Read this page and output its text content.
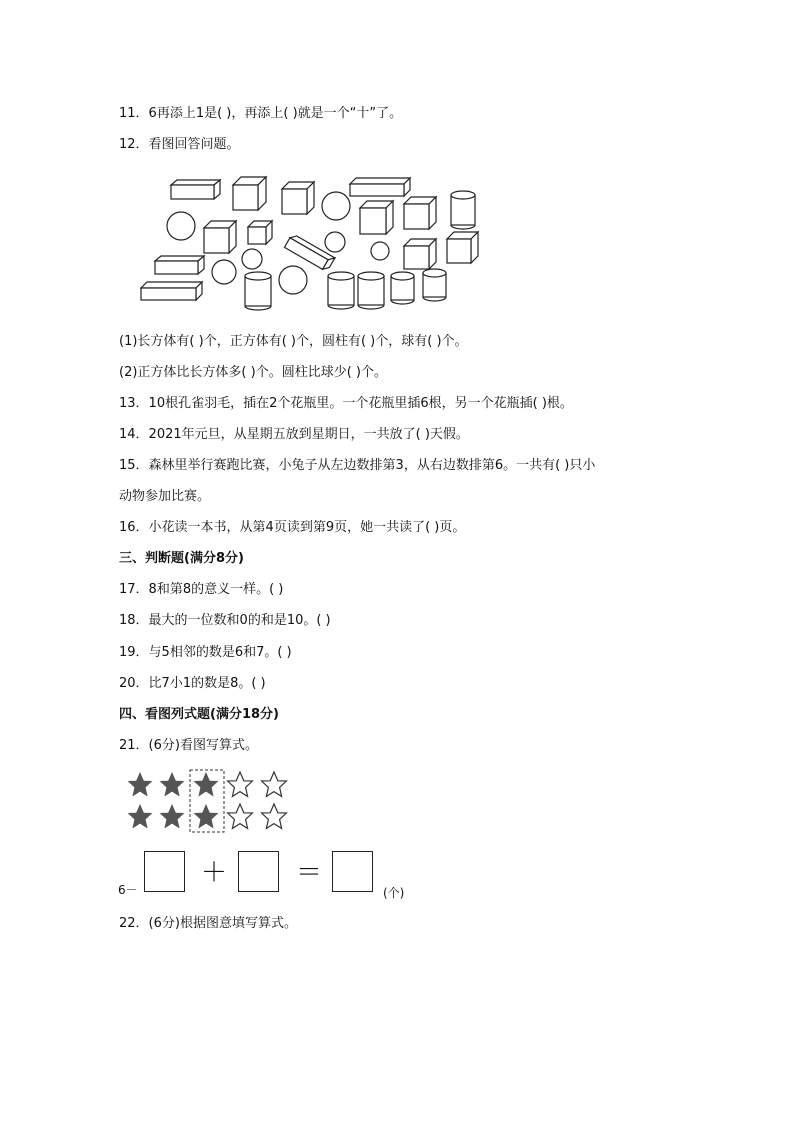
11．6再添上1是( )，再添上( )就是一个“十”了。
12．看图回答问题。
(1)长方体有( )个，正方体有( )个，圆柱有( )个，球有( )个。
(2)正方体比长方体多( )个。圆柱比球少( )个。
13．10根孔雀羽毛，插在2个花瓶里。一个花瓶里插6根，另一个花瓶插( )根。
14．2021年元旦，从星期五放到星期日，一共放了( )天假。
15．森林里举行赛跑比赛，小兔子从左边数排第3，从右边数排第6。一共有( )只小
动物参加比赛。
16．小花读一本书，从第4页读到第9页，她一共读了( )页。
三、判断题(满分8分)
17．8和第8的意义一样。( )
18．最大的一位数和0的和是10。( )
19．与5相邻的数是6和7。( )
20．比7小1的数是8。( )
四、看图列式题(满分18分)
21．(6分)看图写算式。
6－
＋	＝
(个)
22．(6分)根据图意填写算式。
